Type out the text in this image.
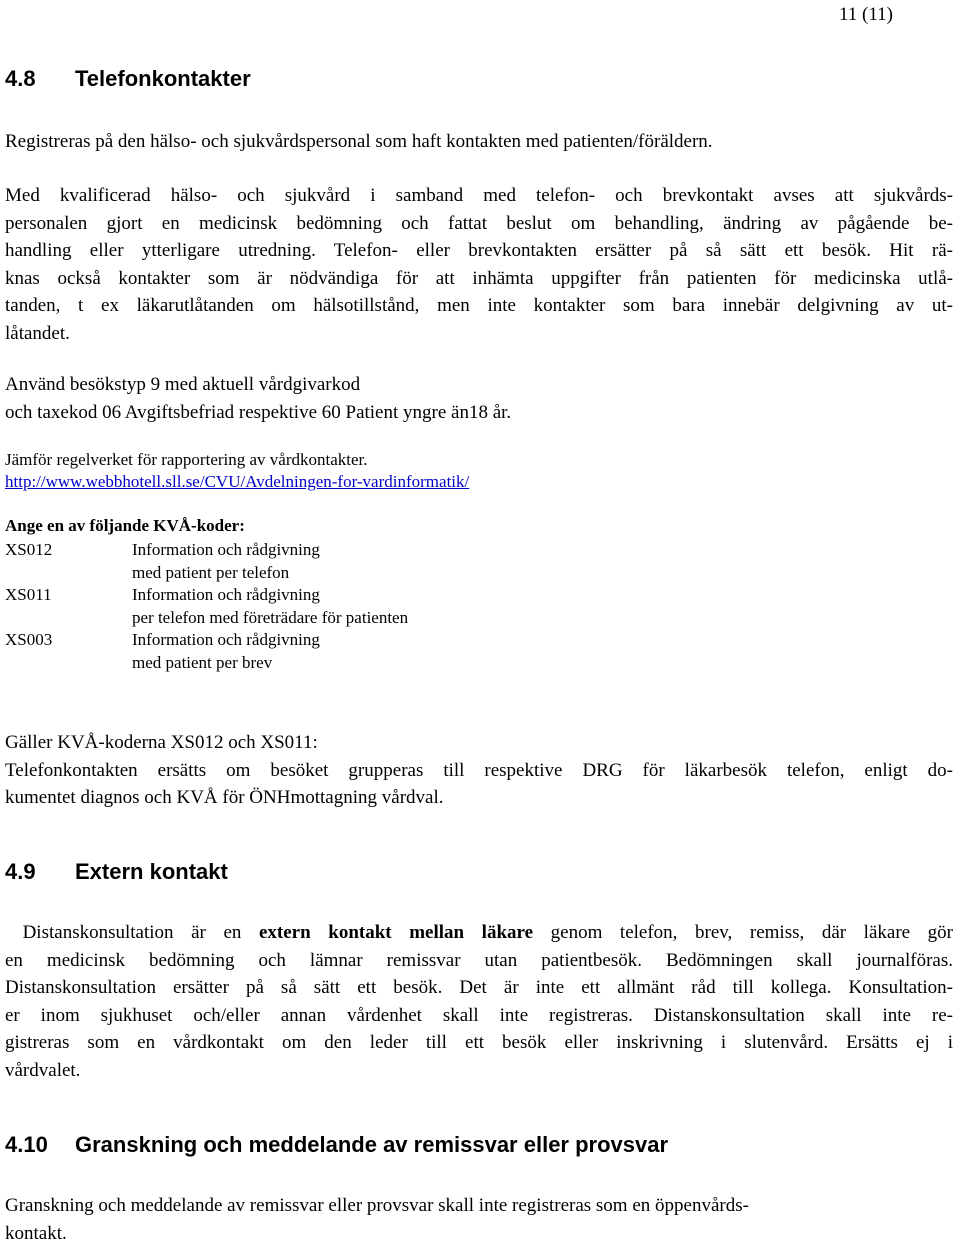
11 (11)
4.8 Telefonkontakter

Registreras på den hälso- och sjukvårdspersonal som haft kontakten med patienten/föräldern.

Med kvalificerad hälso- och sjukvård i samband med telefon- och brevkontakt avses att sjukvårds-
personalen gjort en medicinsk bedömning och fattat beslut om behandling, ändring av pågående be-
handling eller ytterligare utredning. Telefon- eller brevkontakten ersätter på så sätt ett besök. Hit rä-
knas också kontakter som är nödvändiga för att inhämta uppgifter från patienten för medicinska utlå-
tanden, t ex läkarutlåtanden om hälsotillstånd, men inte kontakter som bara innebär delgivning av ut-
låtandet.

Använd besökstyp 9 med aktuell vårdgivarkod
och taxekod 06 Avgiftsbefriad respektive 60 Patient yngre än18 år.

Jämför regelverket för rapportering av vårdkontakter.
http://www.webbhotell.sll.se/CVU/Avdelningen-for-vardinformatik/

Ange en av följande KVÅ-koder:

XS012	Information och rådgivning
	med patient per telefon
XS011	Information och rådgivning
	per telefon med företrädare för patienten
XS003	Information och rådgivning
	med patient per brev

Gäller KVÅ-koderna XS012 och XS011:
Telefonkontakten ersätts om besöket grupperas till respektive DRG för läkarbesök telefon, enligt do-
kumentet diagnos och KVÅ för ÖNHmottagning vårdval.

4.9 Extern kontakt

Distanskonsultation är en extern kontakt mellan läkare genom telefon, brev, remiss, där läkare gör
en medicinsk bedömning och lämnar remissvar utan patientbesök. Bedömningen skall journalföras.
Distanskonsultation ersätter på så sätt ett besök. Det är inte ett allmänt råd till kollega. Konsultation-
er inom sjukhuset och/eller annan vårdenhet skall inte registreras. Distanskonsultation skall inte re-
gistreras som en vårdkontakt om den leder till ett besök eller inskrivning i slutenvård. Ersätts ej i
vårdvalet.

4.10 Granskning och meddelande av remissvar eller provsvar

Granskning och meddelande av remissvar eller provsvar skall inte registreras som en öppenvårds-
kontakt.
